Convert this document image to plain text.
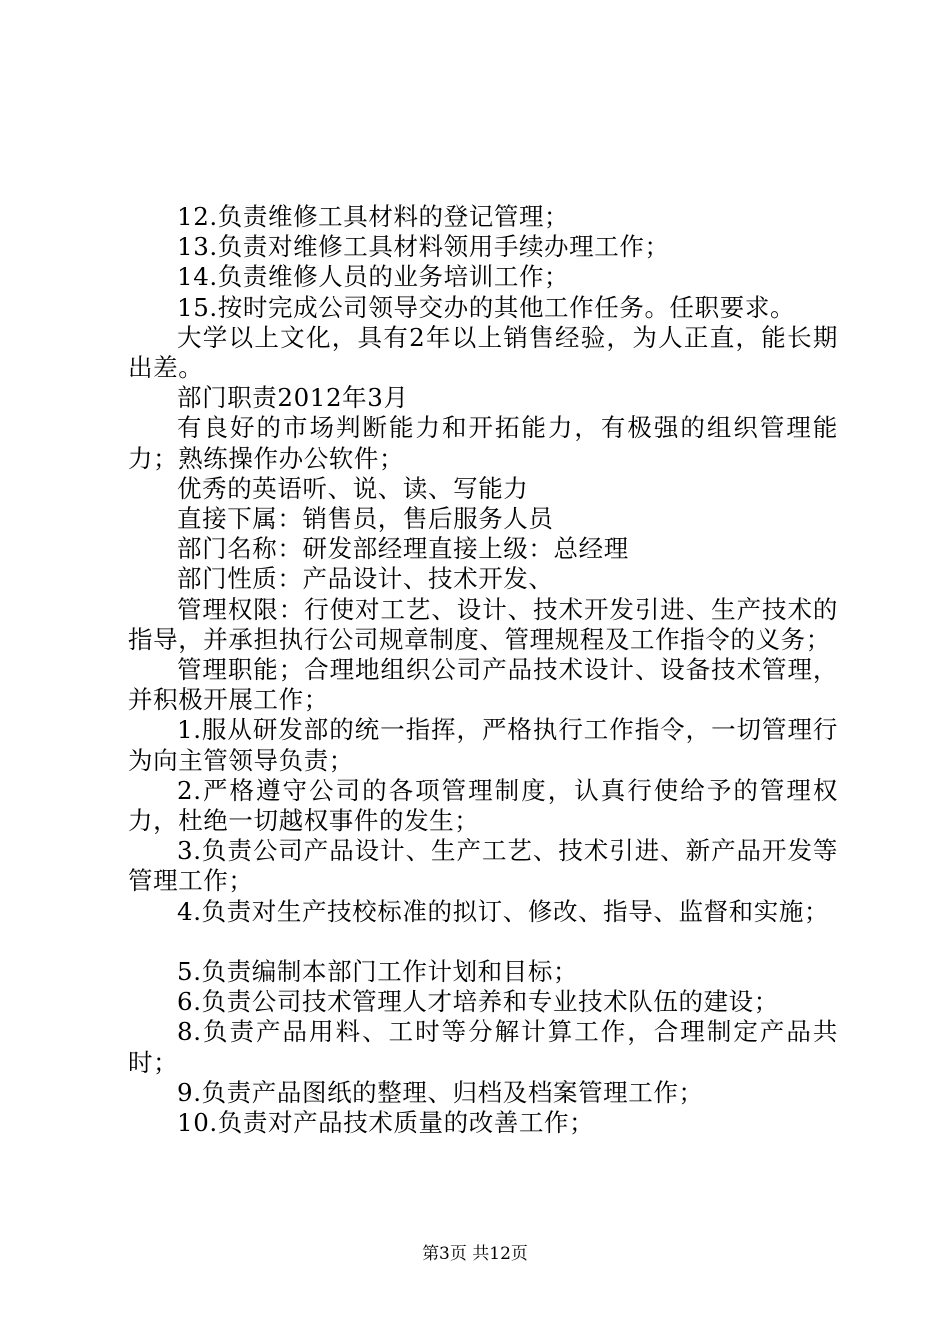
12.负责维修工具材料的登记管理；

13.负责对维修工具材料领用手续办理工作；

14.负责维修人员的业务培训工作；

15.按时完成公司领导交办的其他工作任务。任职要求。

大学以上文化，具有2年以上销售经验，为人正直，能长期出差。

部门职责2012年3月

有良好的市场判断能力和开拓能力，有极强的组织管理能力；熟练操作办公软件；

优秀的英语听、说、读、写能力

直接下属：销售员，售后服务人员

部门名称：研发部经理直接上级：总经理

部门性质：产品设计、技术开发、

管理权限：行使对工艺、设计、技术开发引进、生产技术的指导，并承担执行公司规章制度、管理规程及工作指令的义务；

管理职能；合理地组织公司产品技术设计、设备技术管理，并积极开展工作；

1.服从研发部的统一指挥，严格执行工作指令，一切管理行为向主管领导负责；

2.严格遵守公司的各项管理制度，认真行使给予的管理权力，杜绝一切越权事件的发生；

3.负责公司产品设计、生产工艺、技术引进、新产品开发等管理工作；

4.负责对生产技校标准的拟订、修改、指导、监督和实施；

5.负责编制本部门工作计划和目标；

6.负责公司技术管理人才培养和专业技术队伍的建设；

8.负责产品用料、工时等分解计算工作，合理制定产品共时；

9.负责产品图纸的整理、归档及档案管理工作；

10.负责对产品技术质量的改善工作；

第3页 共12页
